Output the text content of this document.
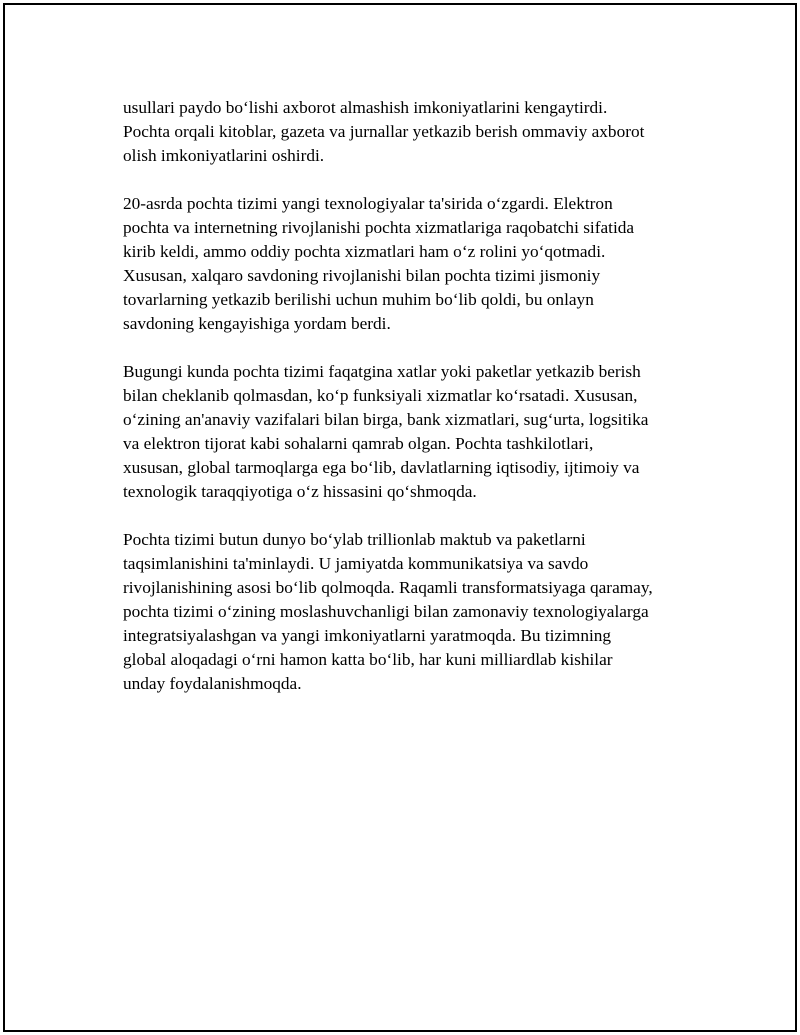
usullari paydo bo‘lishi axborot almashish imkoniyatlarini kengaytirdi.
Pochta orqali kitoblar, gazeta va jurnallar yetkazib berish ommaviy axborot
olish imkoniyatlarini oshirdi.

20-asrda pochta tizimi yangi texnologiyalar ta'sirida o‘zgardi. Elektron
pochta va internetning rivojlanishi pochta xizmatlariga raqobatchi sifatida
kirib keldi, ammo oddiy pochta xizmatlari ham o‘z rolini yo‘qotmadi.
Xususan, xalqaro savdoning rivojlanishi bilan pochta tizimi jismoniy
tovarlarning yetkazib berilishi uchun muhim bo‘lib qoldi, bu onlayn
savdoning kengayishiga yordam berdi.

Bugungi kunda pochta tizimi faqatgina xatlar yoki paketlar yetkazib berish
bilan cheklanib qolmasdan, ko‘p funksiyali xizmatlar ko‘rsatadi. Xususan,
o‘zining an'anaviy vazifalari bilan birga, bank xizmatlari, sug‘urta, logsitika
va elektron tijorat kabi sohalarni qamrab olgan. Pochta tashkilotlari,
xususan, global tarmoqlarga ega bo‘lib, davlatlarning iqtisodiy, ijtimoiy va
texnologik taraqqiyotiga o‘z hissasini qo‘shmoqda.

Pochta tizimi butun dunyo bo‘ylab trillionlab maktub va paketlarni
taqsimlanishini ta'minlaydi. U jamiyatda kommunikatsiya va savdo
rivojlanishining asosi bo‘lib qolmoqda. Raqamli transformatsiyaga qaramay,
pochta tizimi o‘zining moslashuvchanligi bilan zamonaviy texnologiyalarga
integratsiyalashgan va yangi imkoniyatlarni yaratmoqda. Bu tizimning
global aloqadagi o‘rni hamon katta bo‘lib, har kuni milliardlab kishilar
unday foydalanishmoqda.
